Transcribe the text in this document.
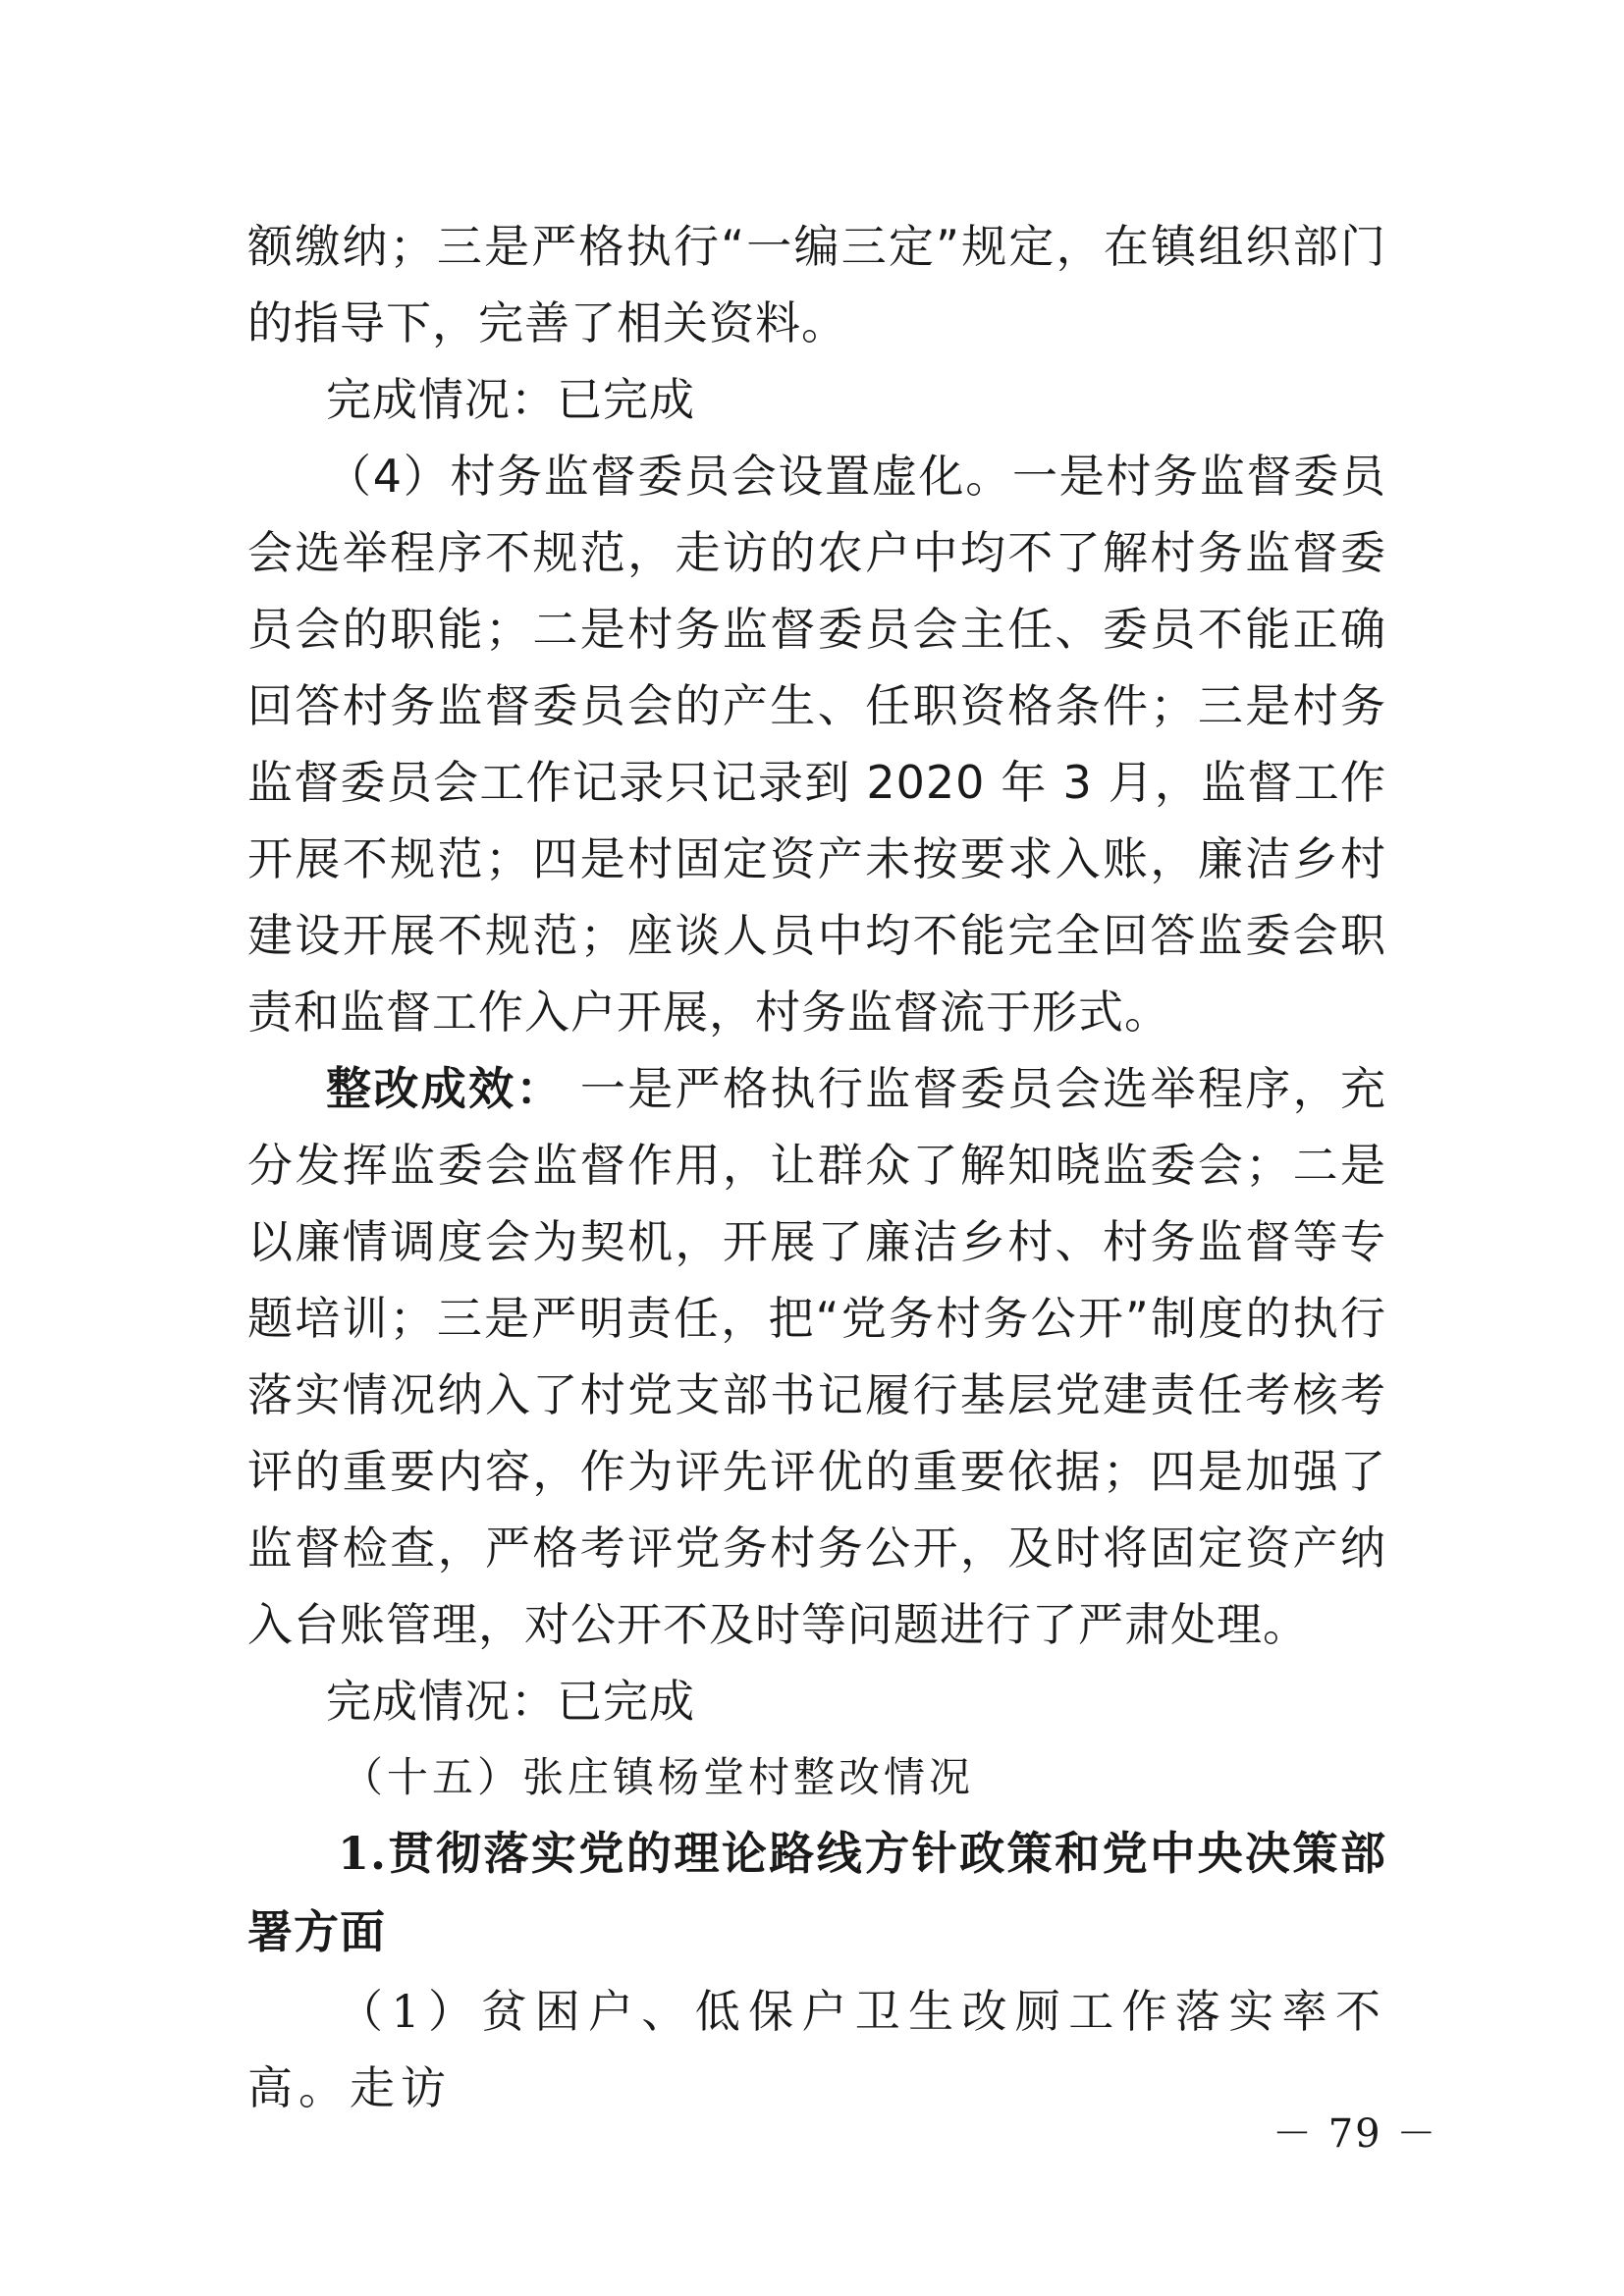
额缴纳；三是严格执行“一编三定”规定，在镇组织部门的指导下，完善了相关资料。

完成情况：已完成

（4）村务监督委员会设置虚化。一是村务监督委员会选举程序不规范，走访的农户中均不了解村务监督委员会的职能；二是村务监督委员会主任、委员不能正确回答村务监督委员会的产生、任职资格条件；三是村务监督委员会工作记录只记录到 2020 年 3 月，监督工作开展不规范；四是村固定资产未按要求入账，廉洁乡村建设开展不规范；座谈人员中均不能完全回答监委会职责和监督工作入户开展，村务监督流于形式。

整改成效： 一是严格执行监督委员会选举程序，充分发挥监委会监督作用，让群众了解知晓监委会；二是以廉情调度会为契机，开展了廉洁乡村、村务监督等专题培训；三是严明责任，把“党务村务公开”制度的执行落实情况纳入了村党支部书记履行基层党建责任考核考评的重要内容，作为评先评优的重要依据；四是加强了监督检查，严格考评党务村务公开，及时将固定资产纳入台账管理，对公开不及时等问题进行了严肃处理。

完成情况：已完成

（十五）张庄镇杨堂村整改情况

1.贯彻落实党的理论路线方针政策和党中央决策部署方面

（1）贫困户、低保户卫生改厕工作落实率不高。走访

－ 79 －
